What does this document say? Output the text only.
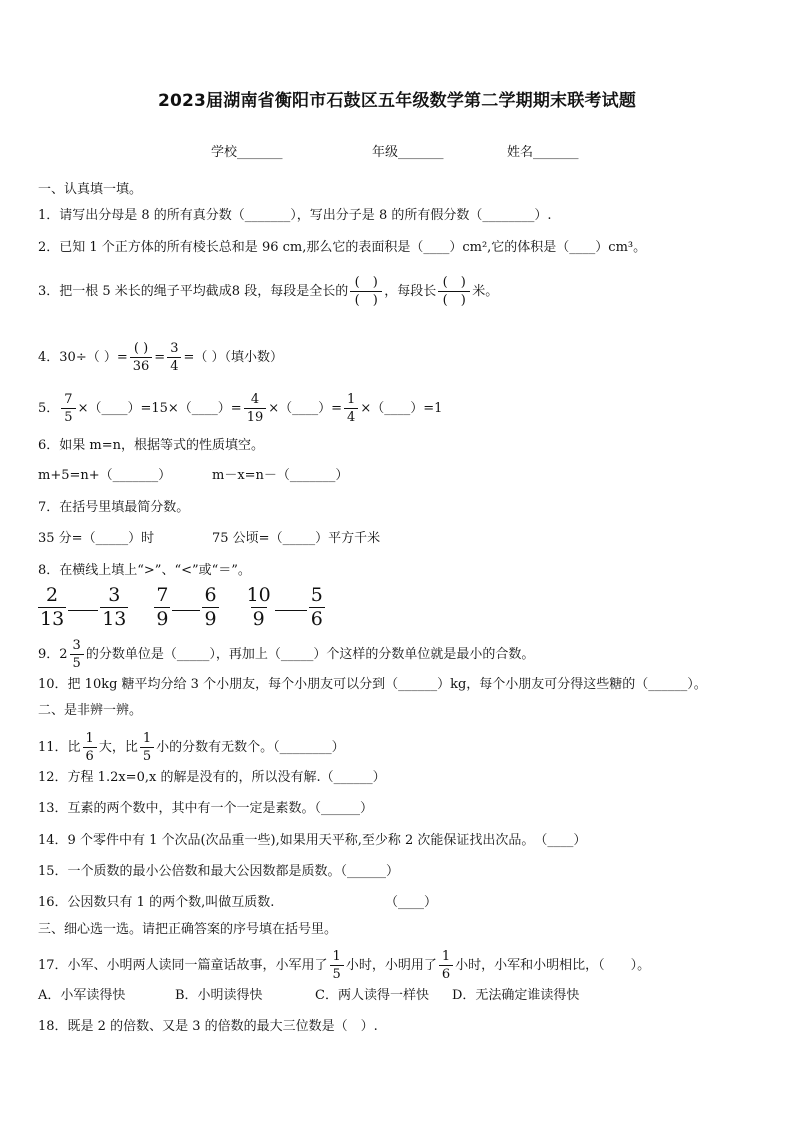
2023届湖南省衡阳市石鼓区五年级数学第二学期期末联考试题
学校_______	年级_______	姓名_______
一、认真填一填。
1．请写出分母是 8 的所有真分数（_______），写出分子是 8 的所有假分数（________）.
2．已知 1 个正方体的所有棱长总和是 96 cm,那么它的表面积是（____）cm²,它的体积是（____）cm³。
3．把一根 5 米长的绳子平均截成8 段，每段是全长的 $\frac{( )}{( )}$ ，每段长 $\frac{( )}{( )}$ 米。
4．30÷（ ）= $\frac{( )}{36} = \frac{3}{4}$ =（ ）（填小数）
5． $\frac{7}{5}$ ×（____）=15×（____）= $\frac{4}{19}$ ×（____）= $\frac{1}{4}$ ×（____）=1
6．如果 m=n，根据等式的性质填空。
m+5=n+（_______）	m－x=n－（_______）
7．在括号里填最简分数。
35 分=（_____）时	75 公顷=（_____）平方千米
8．在横线上填上“>”、“<”或“＝”。
$\frac{2}{13} \frac{3}{13} \frac{7}{9} \frac{6}{9} \frac{10}{9} \frac{5}{6}$
9．$2 \frac{3}{5}$ 的分数单位是（_____），再加上（_____）个这样的分数单位就是最小的合数。
10．把 10kg 糖平均分给 3 个小朋友，每个小朋友可以分到（______）kg，每个小朋友可分得这些糖的（______）。
二、是非辨一辨。
11．比 $\frac{1}{6}$ 大，比 $\frac{1}{5}$ 小的分数有无数个。（________）
12．方程 1.2x=0,x 的解是没有的，所以没有解.（______）
13．互素的两个数中，其中有一个一定是素数。（______）
14．9 个零件中有 1 个次品(次品重一些),如果用天平称,至少称 2 次能保证找出次品。　（____）
15．一个质数的最小公倍数和最大公因数都是质数。（______）
16．公因数只有 1 的两个数,叫做互质数.	（____）
三、细心选一选。请把正确答案的序号填在括号里。
17．小军、小明两人读同一篇童话故事，小军用了 $\frac{1}{5}$ 小时，小明用了 $\frac{1}{6}$ 小时，小军和小明相比，（　　）。
A．小军读得快	B．小明读得快	C．两人读得一样快 D．无法确定谁读得快
18．既是 2 的倍数、又是 3 的倍数的最大三位数是（　）.
